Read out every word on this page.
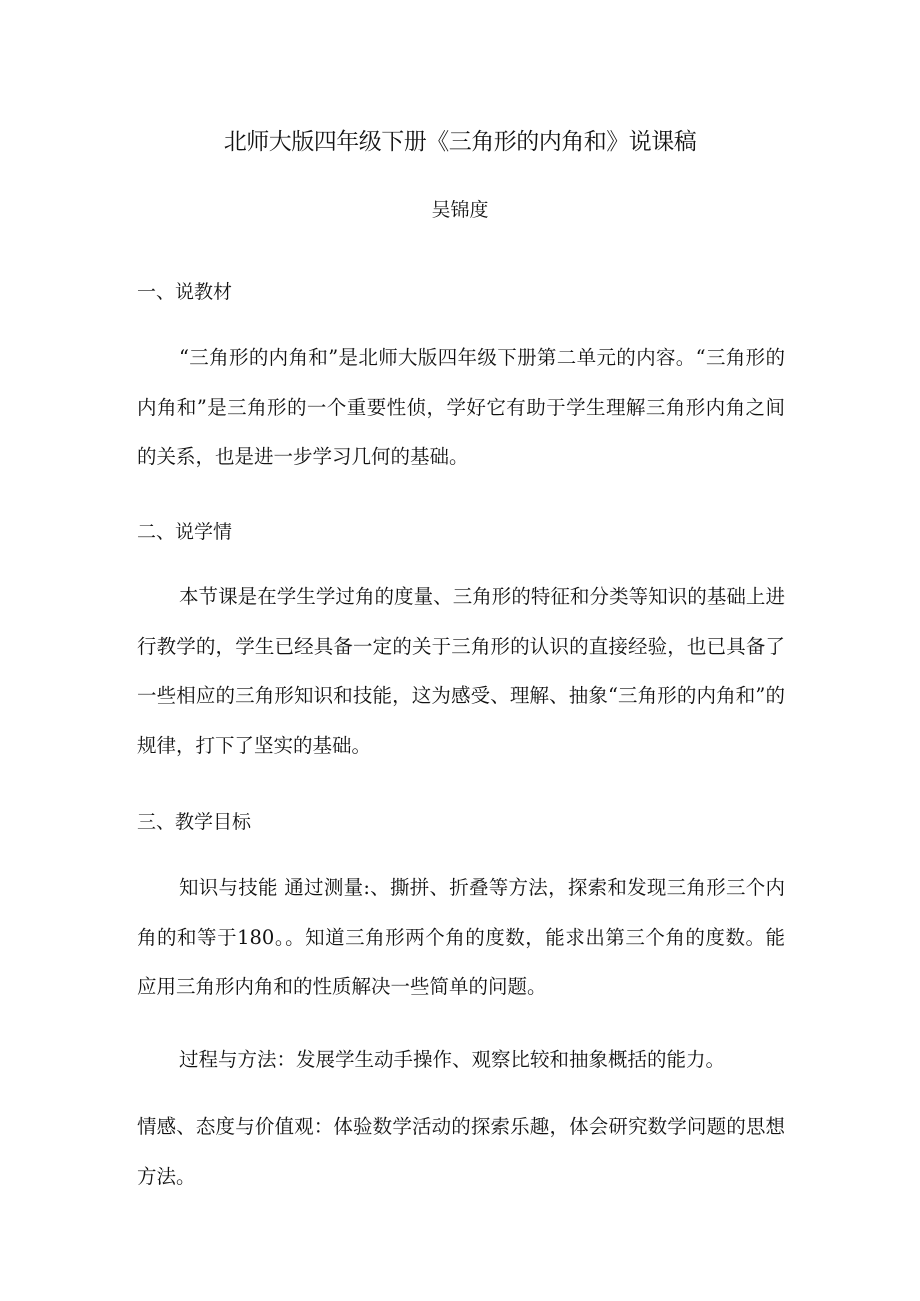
北师大版四年级下册《三角形的内角和》说课稿
吴锦度
一、说教材
“三角形的内角和”是北师大版四年级下册第二单元的内容。“三角形的内角和”是三角形的一个重要性侦，学好它有助于学生理解三角形内角之间的关系，也是进一步学习几何的基础。
二、说学情
本节课是在学生学过角的度量、三角形的特征和分类等知识的基础上进行教学的，学生已经具备一定的关于三角形的认识的直接经验，也已具备了一些相应的三角形知识和技能，这为感受、理解、抽象“三角形的内角和”的规律，打下了坚实的基础。
三、教学目标
知识与技能 通过测量:、撕拼、折叠等方法，探索和发现三角形三个内角的和等于180。。知道三角形两个角的度数，能求出第三个角的度数。能应用三角形内角和的性质解决一些简单的问题。
过程与方法：发展学生动手操作、观察比较和抽象概括的能力。
情感、态度与价值观：体验数学活动的探索乐趣，体会研究数学问题的思想方法。
